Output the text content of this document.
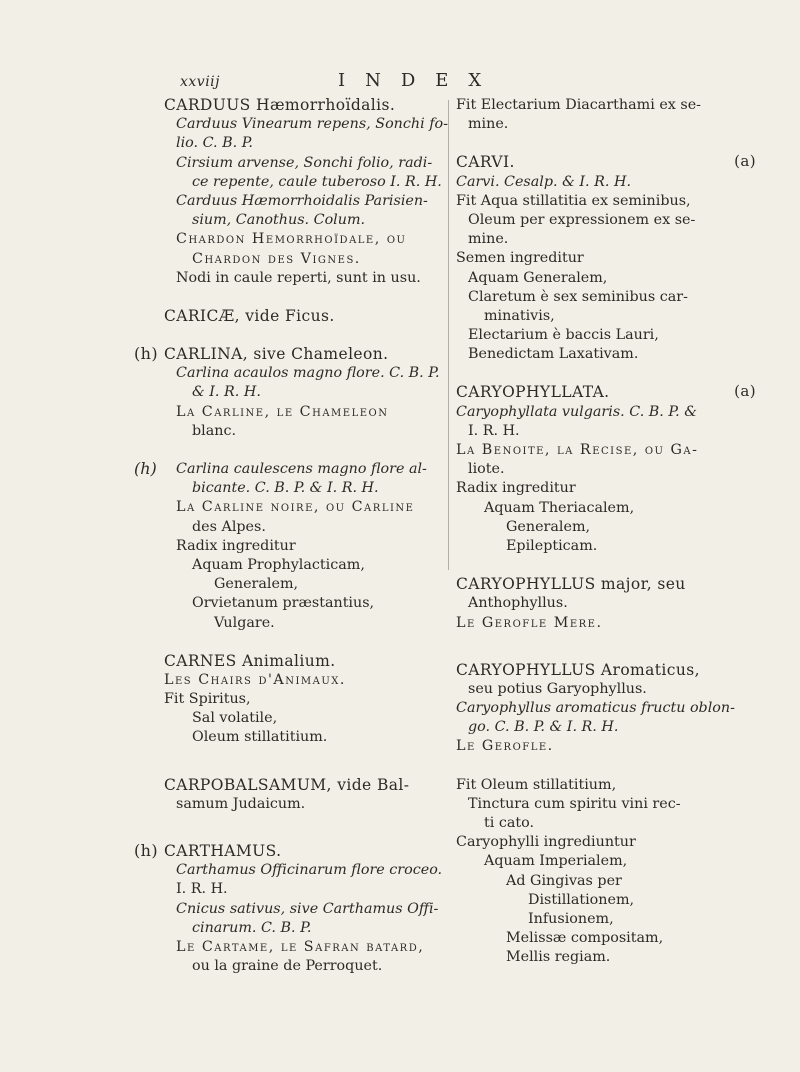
xxviij	INDEX
CARDUUS Hæmorrhoïdalis.
Carduus Vinearum repens, Sonchi fo-
lio. C. B. P.
Cirsium arvense, Sonchi folio, radi-
ce repente, caule tuberoso I. R. H.
Carduus Hæmorrhoidalis Parisien-
sium, Canothus. Colum.
Chardon Hemorrhoïdale, ou
Chardon des Vignes.
Nodi in caule reperti, sunt in usu.
CARICÆ, vide Ficus.
CARLINA, sive Chameleon.
(h)
Carlina acaulos magno flore. C. B. P.
& I. R. H.
La Carline, le Chameleon
blanc.
Carlina caulescens magno flore al-
(h)
bicante. C. B. P. & I. R. H.
La Carline noire, ou Carline
des Alpes.
Radix ingreditur
Aquam Prophylacticam,
Generalem,
Orvietanum præstantius,
Vulgare.
CARNES Animalium.
Les Chairs d'Animaux.
Fit Spiritus,
Sal volatile,
Oleum stillatitium.
CARPOBALSAMUM, vide Bal-
samum Judaicum.
CARTHAMUS.
(h)
Carthamus Officinarum flore croceo.
I. R. H.
Cnicus sativus, sive Carthamus Offi-
cinarum. C. B. P.
Le Cartame, le Safran batard,
ou la graine de Perroquet.
Fit Electarium Diacarthami ex se-
mine.
CARVI.	(a)
Carvi. Cesalp. & I. R. H.
Fit Aqua stillatitia ex seminibus,
Oleum per expressionem ex se-
mine.
Semen ingreditur
Aquam Generalem,
Claretum è sex seminibus car-
minativis,
Electarium è baccis Lauri,
Benedictam Laxativam.
CARYOPHYLLATA.	(a)
Caryophyllata vulgaris. C. B. P. &
I. R. H.
La Benoite, la Recise, ou Ga-
liote.
Radix ingreditur
Aquam Theriacalem,
Generalem,
Epilepticam.
CARYOPHYLLUS major, seu
Anthophyllus.
Le Gerofle Mere.
CARYOPHYLLUS Aromaticus,
seu potius Garyophyllus.
Caryophyllus aromaticus fructu oblon-
go. C. B. P. & I. R. H.
Le Gerofle.
Fit Oleum stillatitium,
Tinctura cum spiritu vini rec-
ti cato.
Caryophylli ingrediuntur
Aquam Imperialem,
Ad Gingivas per
Distillationem,
Infusionem,
Melissæ compositam,
Mellis regiam.
